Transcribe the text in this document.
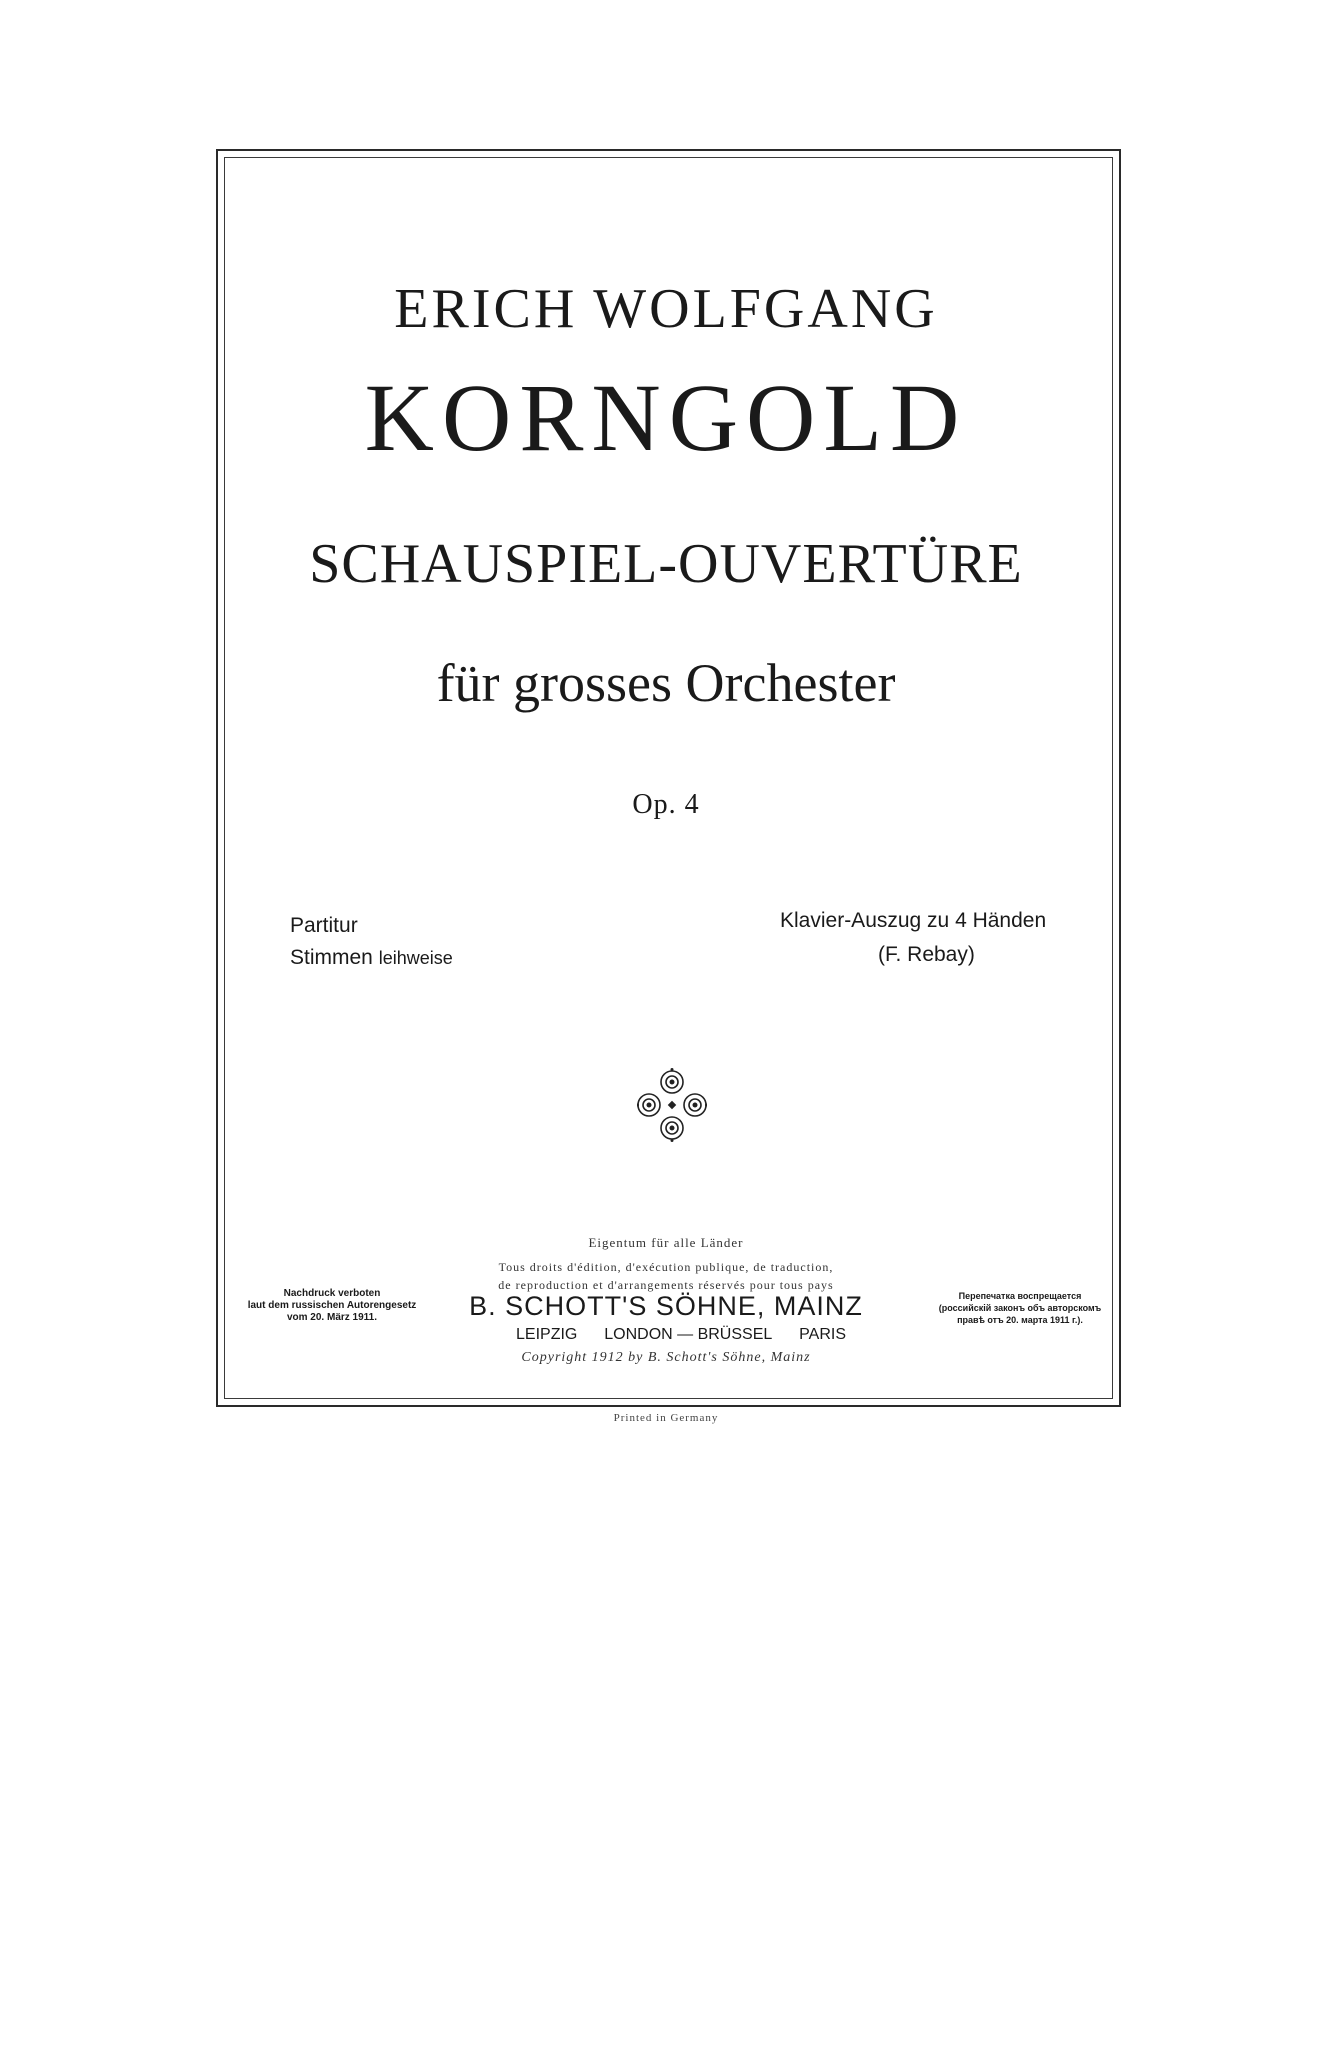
ERICH WOLFGANG
KORNGOLD
SCHAUSPIEL-OUVERTÜRE
für grosses Orchester
Op. 4
Partitur
Stimmen leihweise
Klavier-Auszug zu 4 Händen
(F. Rebay)
Eigentum für alle Länder
Tous droits d'édition, d'exécution publique, de traduction,
de reproduction et d'arrangements réservés pour tous pays
B. SCHOTT'S SÖHNE, MAINZ
LEIPZIG LONDON — BRÜSSEL PARIS
Copyright 1912 by B. Schott's Söhne, Mainz
Nachdruck verboten
laut dem russischen Autorengesetz
vom 20. März 1911.
Перепечатка воспрещается
(российскій законъ объ авторскомъ
правѣ отъ 20. марта 1911 г.).
Printed in Germany
